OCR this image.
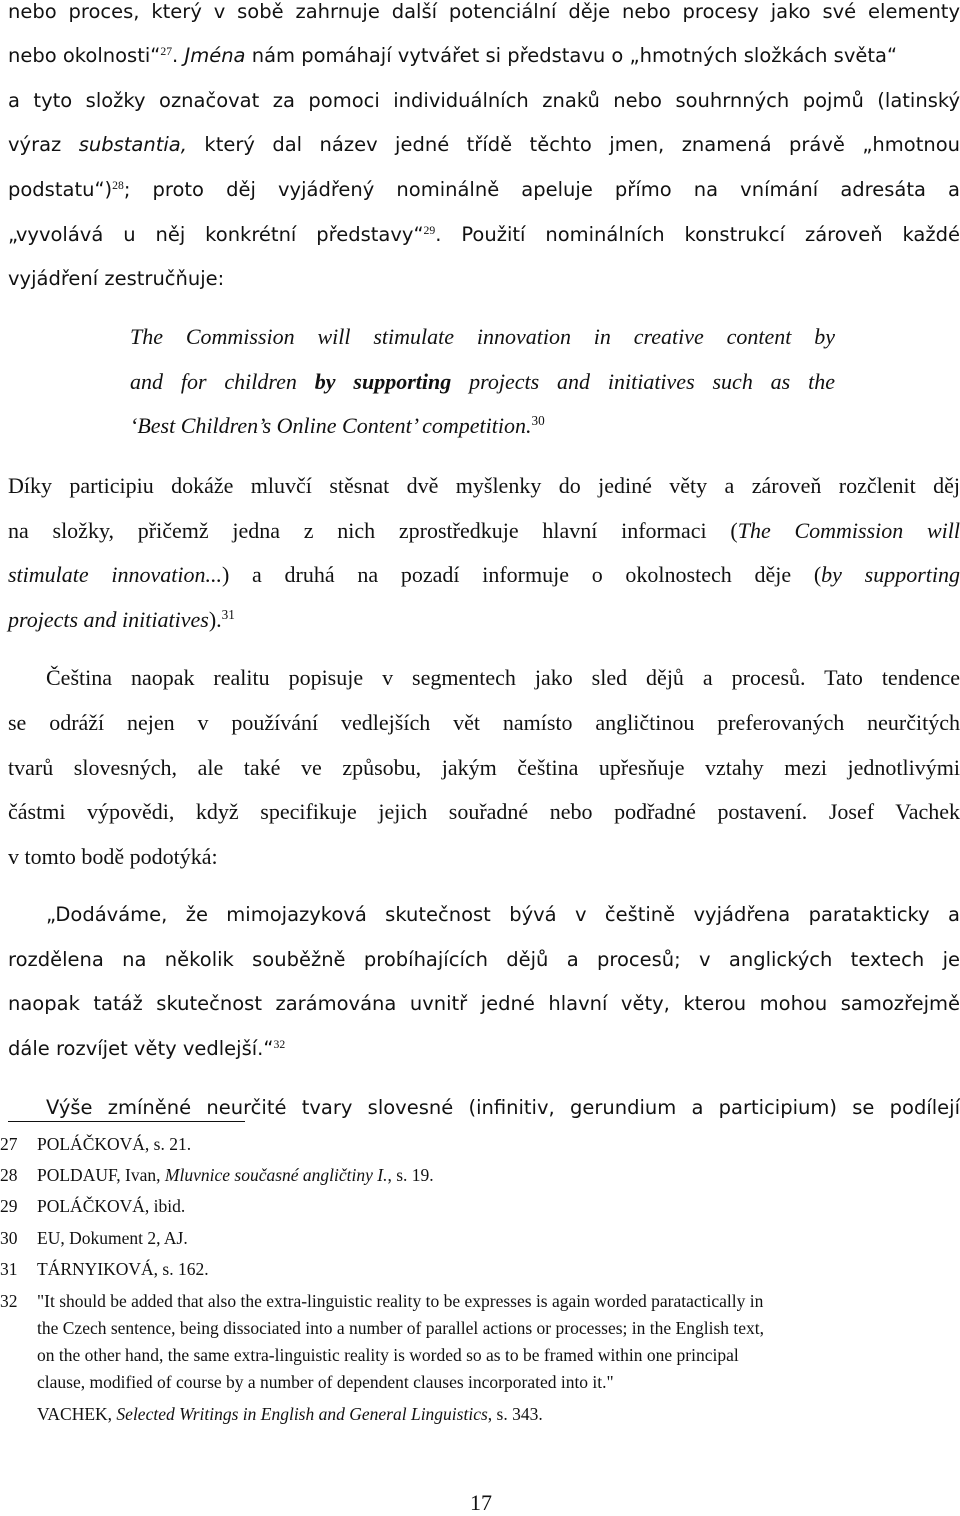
nebo proces, který v sobě zahrnuje další potenciální děje nebo procesy jako své elementy
nebo okolnosti“$^{27}$. Jména nám pomáhají vytvářet si představu o „hmotných složkách světa“
a tyto složky označovat za pomoci individuálních znaků nebo souhrnných pojmů (latinský
výraz substantia, který dal název jedné třídě těchto jmen, znamená právě „hmotnou
podstatu“)$^{28}$; proto děj vyjádřený nominálně apeluje přímo na vnímání adresáta a
„vyvolává u něj konkrétní představy“$^{29}$. Použití nominálních konstrukcí zároveň každé
vyjádření zestručňuje:
The Commission will stimulate innovation in creative content by
and for children by supporting projects and initiatives such as the
‘Best Children’s Online Content’ competition.$^{30}$
Díky participiu dokáže mluvčí stěsnat dvě myšlenky do jediné věty a zároveň rozčlenit děj
na složky, přičemž jedna z nich zprostředkuje hlavní informaci (The Commission will
stimulate innovation...) a druhá na pozadí informuje o okolnostech děje (by supporting
projects and initiatives).$^{31}$
Čeština naopak realitu popisuje v segmentech jako sled dějů a procesů. Tato tendence
se odráží nejen v používání vedlejších vět namísto angličtinou preferovaných neurčitých
tvarů slovesných, ale také ve způsobu, jakým čeština upřesňuje vztahy mezi jednotlivými
částmi výpovědi, když specifikuje jejich souřadné nebo podřadné postavení. Josef Vachek
v tomto bodě podotýká:
„Dodáváme, že mimojazyková skutečnost bývá v češtině vyjádřena paratakticky a
rozdělena na několik souběžně probíhajících dějů a procesů; v anglických textech je
naopak tatáž skutečnost zarámována uvnitř jedné hlavní věty, kterou mohou samozřejmě
dále rozvíjet věty vedlejší.“$^{32}$
Výše zmíněné neurčité tvary slovesné (infinitiv, gerundium a participium) se podílejí
27 POLÁČKOVÁ, s. 21.
28 POLDAUF, Ivan, Mluvnice současné angličtiny I., s. 19.
29 POLÁČKOVÁ, ibid.
30 EU, Dokument 2, AJ.
31 TÁRNYIKOVÁ, s. 162.
32 "It should be added that also the extra-linguistic reality to be expresses is again worded paratactically in
the Czech sentence, being dissociated into a number of parallel actions or processes; in the English text,
on the other hand, the same extra-linguistic reality is worded so as to be framed within one principal
clause, modified of course by a number of dependent clauses incorporated into it."
VACHEK, Selected Writings in English and General Linguistics, s. 343.
17
